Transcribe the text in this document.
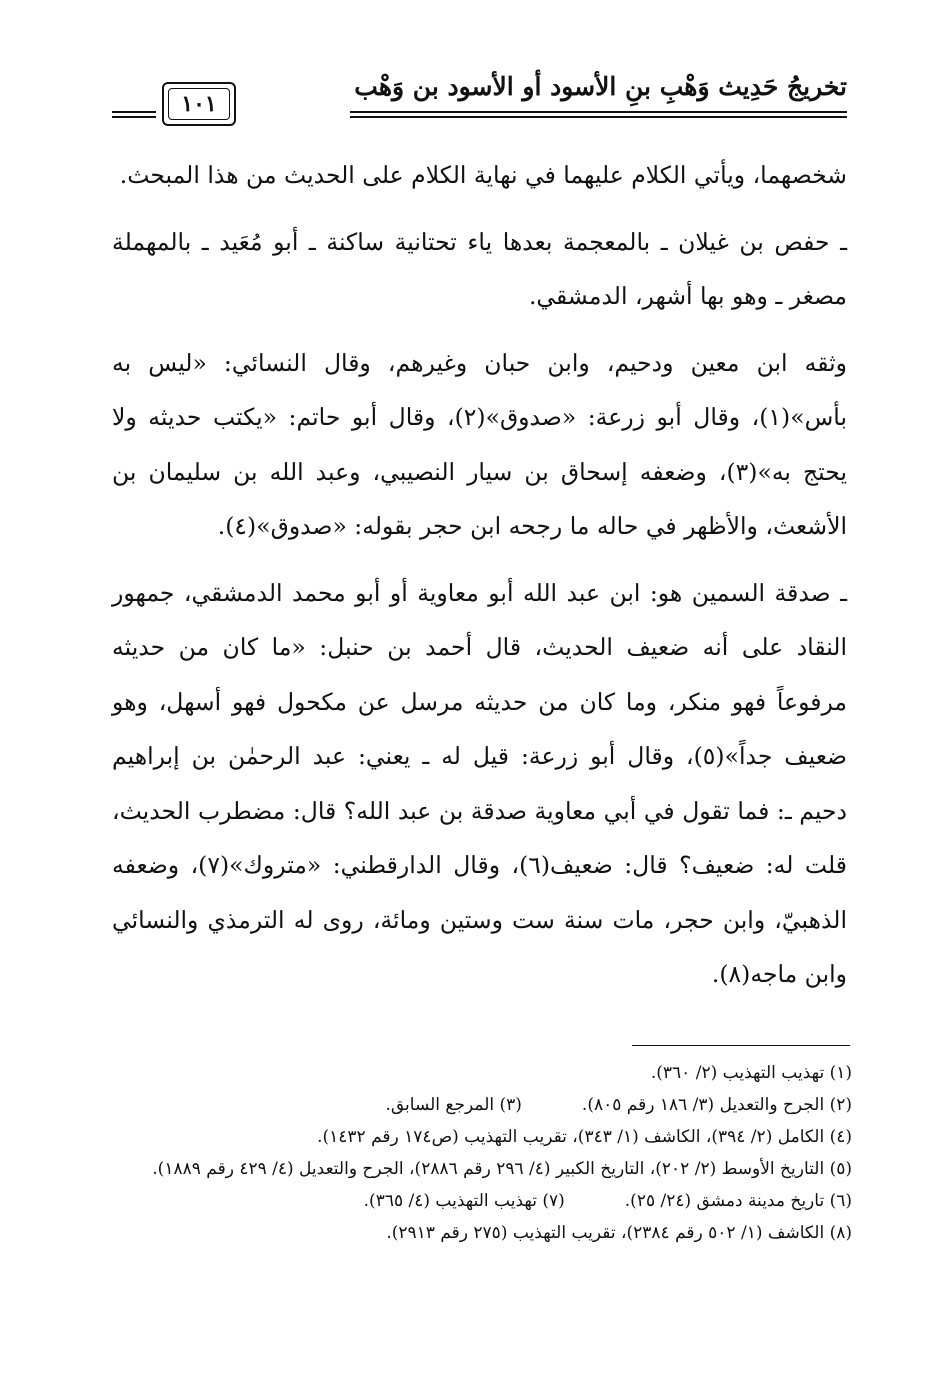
تخريجُ حَدِيث وَهْبِ بنِ الأسود أو الأسود بن وَهْب
١٠١

شخصهما، ويأتي الكلام عليهما في نهاية الكلام على الحديث من هذا المبحث.

ـ حفص بن غيلان ـ بالمعجمة بعدها ياء تحتانية ساكنة ـ أبو مُعَيد ـ بالمهملة مصغر ـ وهو بها أشهر، الدمشقي.

وثقه ابن معين ودحيم، وابن حبان وغيرهم، وقال النسائي: «ليس به بأس»(١)، وقال أبو زرعة: «صدوق»(٢)، وقال أبو حاتم: «يكتب حديثه ولا يحتج به»(٣)، وضعفه إسحاق بن سيار النصيبي، وعبد الله بن سليمان بن الأشعث، والأظهر في حاله ما رجحه ابن حجر بقوله: «صدوق»(٤).

ـ صدقة السمين هو: ابن عبد الله أبو معاوية أو أبو محمد الدمشقي، جمهور النقاد على أنه ضعيف الحديث، قال أحمد بن حنبل: «ما كان من حديثه مرفوعاً فهو منكر، وما كان من حديثه مرسل عن مكحول فهو أسهل، وهو ضعيف جداً»(٥)، وقال أبو زرعة: قيل له ـ يعني: عبد الرحمٰن بن إبراهيم دحيم ـ: فما تقول في أبي معاوية صدقة بن عبد الله؟ قال: مضطرب الحديث، قلت له: ضعيف؟ قال: ضعيف(٦)، وقال الدارقطني: «متروك»(٧)، وضعفه الذهبيّ، وابن حجر، مات سنة ست وستين ومائة، روى له الترمذي والنسائي وابن ماجه(٨).

(١) تهذيب التهذيب (٢/ ٣٦٠).

(٢) الجرح والتعديل (٣/ ١٨٦ رقم ٨٠٥).(٣) المرجع السابق.

(٤) الكامل (٢/ ٣٩٤)، الكاشف (١/ ٣٤٣)، تقريب التهذيب (ص١٧٤ رقم ١٤٣٢).

(٥) التاريخ الأوسط (٢/ ٢٠٢)، التاريخ الكبير (٤/ ٢٩٦ رقم ٢٨٨٦)، الجرح والتعديل (٤/ ٤٢٩ رقم ١٨٨٩).

(٦) تاريخ مدينة دمشق (٢٤/ ٢٥).(٧) تهذيب التهذيب (٤/ ٣٦٥).

(٨) الكاشف (١/ ٥٠٢ رقم ٢٣٨٤)، تقريب التهذيب (٢٧٥ رقم ٢٩١٣).
